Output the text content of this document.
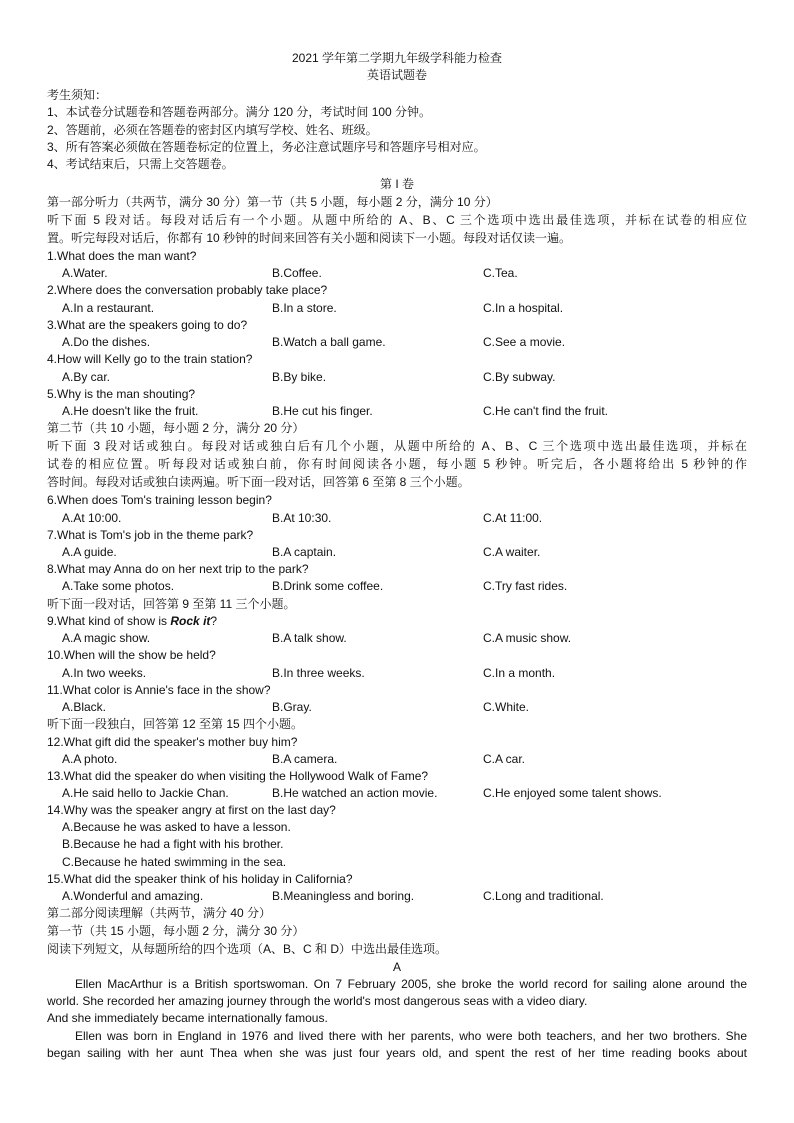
2021 学年第二学期九年级学科能力检查
英语试题卷
考生须知：
1、本试卷分试题卷和答题卷两部分。满分 120 分，考试时间 100 分钟。
2、答题前，必须在答题卷的密封区内填写学校、姓名、班级。
3、所有答案必须做在答题卷标定的位置上，务必注意试题序号和答题序号相对应。
4、考试结束后，只需上交答题卷。
第 I 卷
第一部分听力（共两节，满分 30 分）第一节（共 5 小题，每小题 2 分，满分 10 分）
听下面 5 段对话。每段对话后有一个小题。从题中所给的 A、B、C 三个选项中选出最佳选项，并标在试卷的相应位
置。听完每段对话后，你都有 10 秒钟的时间来回答有关小题和阅读下一小题。每段对话仅读一遍。
1.What does the man want?
A.Water.	B.Coffee.	C.Tea.
2.Where does the conversation probably take place?
A.In a restaurant.	B.In a store.	C.In a hospital.
3.What are the speakers going to do?
A.Do the dishes.	B.Watch a ball game.	C.See a movie.
4.How will Kelly go to the train station?
A.By car.	B.By bike.	C.By subway.
5.Why is the man shouting?
A.He doesn't like the fruit.	B.He cut his finger.	C.He can't find the fruit.
第二节（共 10 小题，每小题 2 分，满分 20 分）
听下面 3 段对话或独白。每段对话或独白后有几个小题，从题中所给的 A、B、C 三个选项中选出最佳选项，并标在
试卷的相应位置。听每段对话或独白前，你有时间阅读各小题，每小题 5 秒钟。听完后，各小题将给出 5 秒钟的作
答时间。每段对话或独白读两遍。听下面一段对话，回答第 6 至第 8 三个小题。
6.When does Tom's training lesson begin?
A.At 10:00.	B.At 10:30.	C.At 11:00.
7.What is Tom's job in the theme park?
A.A guide.	B.A captain.	C.A waiter.
8.What may Anna do on her next trip to the park?
A.Take some photos.	B.Drink some coffee.	C.Try fast rides.
听下面一段对话，回答第 9 至第 11 三个小题。
9.What kind of show is Rock it?
A.A magic show.	B.A talk show.	C.A music show.
10.When will the show be held?
A.In two weeks.	B.In three weeks.	C.In a month.
11.What color is Annie's face in the show?
A.Black.	B.Gray.	C.White.
听下面一段独白，回答第 12 至第 15 四个小题。
12.What gift did the speaker's mother buy him?
A.A photo.	B.A camera.	C.A car.
13.What did the speaker do when visiting the Hollywood Walk of Fame?
A.He said hello to Jackie Chan.	B.He watched an action movie.	C.He enjoyed some talent shows.
14.Why was the speaker angry at first on the last day?
A.Because he was asked to have a lesson.
B.Because he had a fight with his brother.
C.Because he hated swimming in the sea.
15.What did the speaker think of his holiday in California?
A.Wonderful and amazing.	B.Meaningless and boring.	C.Long and traditional.
第二部分阅读理解（共两节，满分 40 分）
第一节（共 15 小题，每小题 2 分，满分 30 分）
阅读下列短文，从每题所给的四个选项（A、B、C 和 D）中选出最佳选项。
A
Ellen MacArthur is a British sportswoman. On 7 February 2005, she broke the world record for sailing alone around the
world. She recorded her amazing journey through the world's most dangerous seas with a video diary.
And she immediately became internationally famous.
Ellen was born in England in 1976 and lived there with her parents, who were both teachers, and her two brothers. She
began sailing with her aunt Thea when she was just four years old, and spent the rest of her time reading books about
